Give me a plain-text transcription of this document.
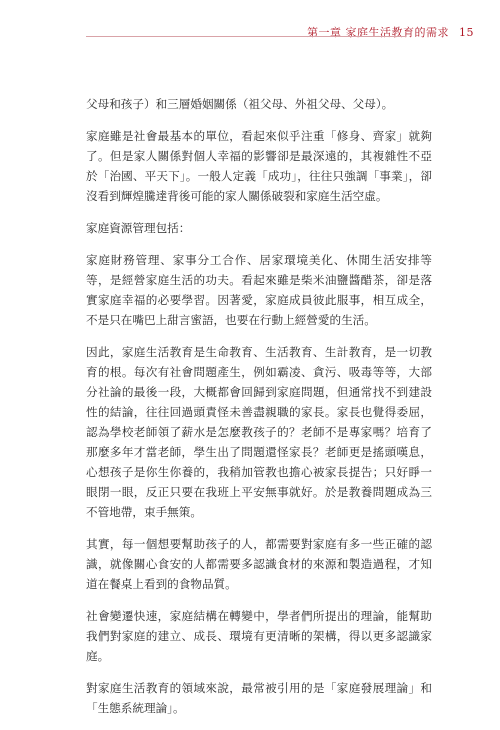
第一章 家庭生活教育的需求 15

父母和孩子）和三層婚姻關係（祖父母、外祖父母、父母）。

家庭雖是社會最基本的單位，看起來似乎注重「修身、齊家」就夠了。但是家人關係對個人幸福的影響卻是最深遠的，其複雜性不亞於「治國、平天下」。一般人定義「成功」，往往只強調「事業」，卻沒看到輝煌騰達背後可能的家人關係破裂和家庭生活空虛。

家庭資源管理包括：

家庭財務管理、家事分工合作、居家環境美化、休閒生活安排等等，是經營家庭生活的功夫。看起來雖是柴米油鹽醬醋茶，卻是落實家庭幸福的必要學習。因著愛，家庭成員彼此服事，相互成全，不是只在嘴巴上甜言蜜語，也要在行動上經營愛的生活。

因此，家庭生活教育是生命教育、生活教育、生計教育，是一切教育的根。每次有社會問題產生，例如霸凌、貪污、吸毒等等，大部分社論的最後一段，大概都會回歸到家庭問題，但通常找不到建設性的結論，往往回過頭責怪未善盡親職的家長。家長也覺得委屈，認為學校老師領了薪水是怎麼教孩子的？老師不是專家嗎？培育了那麼多年才當老師，學生出了問題還怪家長？老師更是搖頭嘆息，心想孩子是你生你養的，我稍加管教也擔心被家長提告；只好睜一眼閉一眼，反正只要在我班上平安無事就好。於是教養問題成為三不管地帶，束手無策。

其實，每一個想要幫助孩子的人，都需要對家庭有多一些正確的認識，就像關心食安的人都需要多認識食材的來源和製造過程，才知道在餐桌上看到的食物品質。

社會變遷快速，家庭結構在轉變中，學者們所提出的理論，能幫助我們對家庭的建立、成長、環境有更清晰的架構，得以更多認識家庭。

對家庭生活教育的領域來說，最常被引用的是「家庭發展理論」和「生態系統理論」。
